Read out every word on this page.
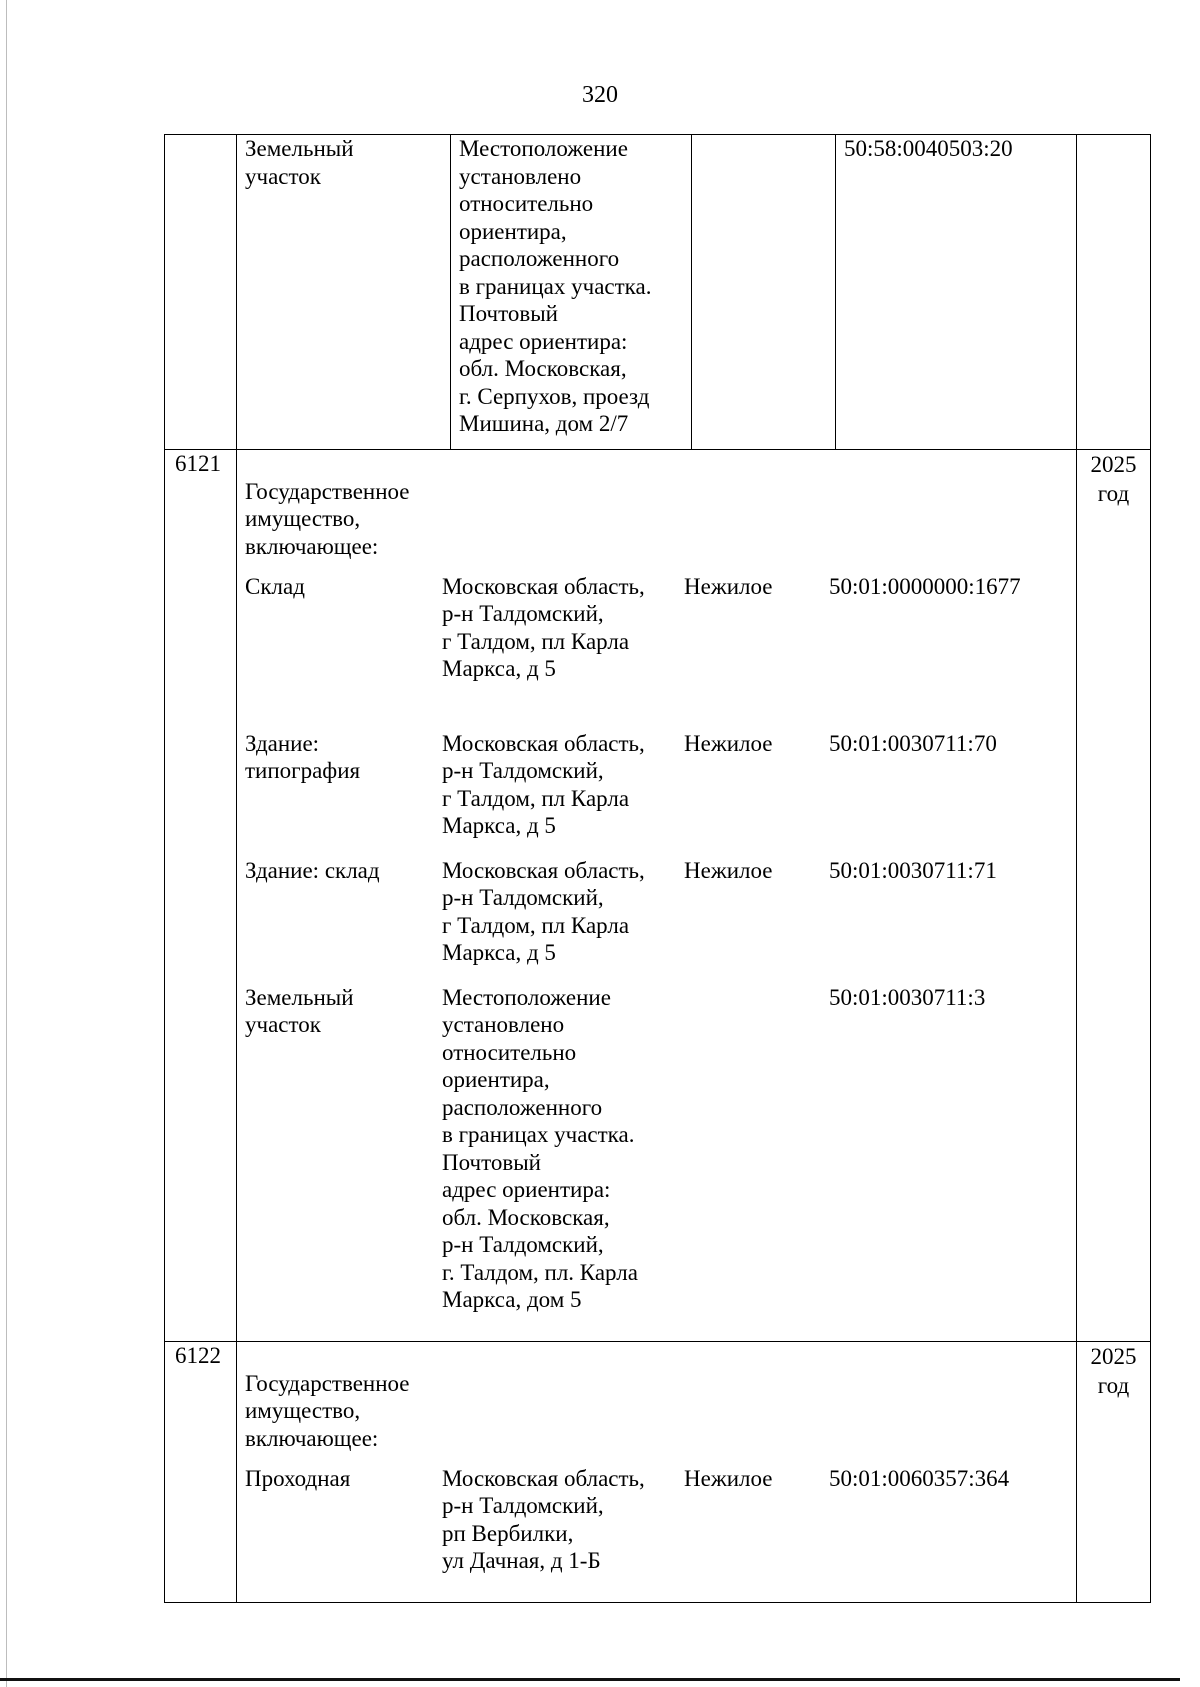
320
	Земельный
участок	Местоположение
установлено
относительно
ориентира,
расположенного
в границах участка.
Почтовый
адрес ориентира:
обл. Московская,
г. Серпухов, проезд
Мишина, дом 2/7		50:58:0040503:20	
6121	

Государственное
имущество,
включающее:			
Склад	Московская область,
р-н Талдомский,
г Талдом, пл Карла
Маркса, д 5	Нежилое	50:01:0000000:1677
Здание:
типография	Московская область,
р-н Талдомский,
г Талдом, пл Карла
Маркса, д 5	Нежилое	50:01:0030711:70
Здание: склад	Московская область,
р-н Талдомский,
г Талдом, пл Карла
Маркса, д 5	Нежилое	50:01:0030711:71
Земельный
участок	Местоположение
установлено
относительно
ориентира,
расположенного
в границах участка.
Почтовый
адрес ориентира:
обл. Московская,
р-н Талдомский,
г. Талдом, пл. Карла
Маркса, дом 5		50:01:0030711:3

	2025
год
6122	

Государственное
имущество,
включающее:			
Проходная	Московская область,
р-н Талдомский,
рп Вербилки,
ул Дачная, д 1-Б	Нежилое	50:01:0060357:364

	2025
год
